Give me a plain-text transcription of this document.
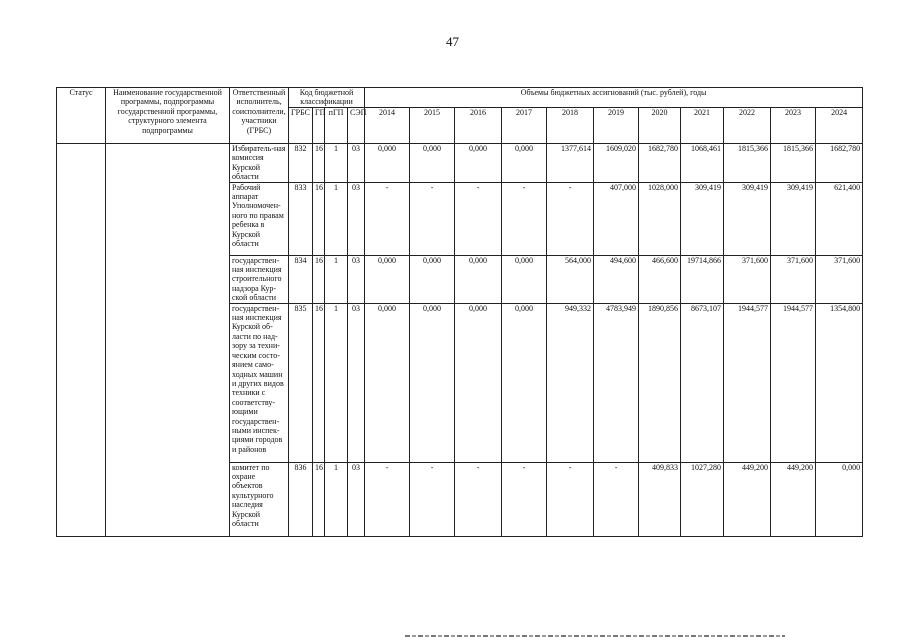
47
Статус	Наименование государственной программы, подпрограммы государственной программы, структурного элемента подпрограммы	Ответственный исполнитель, соисполнители, участники (ГРБС)	Код бюджетной классификации				Объемы бюджетных ассигнований (тыс. рублей), годы										
			ГРБС	ГП	пГП	СЭП	2014	2015	2016	2017	2018	2019	2020	2021	2022	2023	2024
		Избиратель-ная комиссия Курской области	832	16	1	03	0,000	0,000	0,000	0,000	1377,614	1609,020	1682,780	1068,461	1815,366	1815,366	1682,780
		Рабочий аппарат Уполномочен-ного по правам ребенка в Курской области	833	16	1	03	-	-	-	-	-	407,000	1028,000	309,419	309,419	309,419	621,400
		государствен-ная инспекция строительного надзора Кур-ской области	834	16	1	03	0,000	0,000	0,000	0,000	564,000	494,600	466,600	19714,866	371,600	371,600	371,600
		государствен-ная инспекция Курской об-ласти по над-зору за техни-ческим состо-янием само-ходных машин и других видов техники с соответству-ющими государствен-ными инспек-циями городов и районов	835	16	1	03	0,000	0,000	0,000	0,000	949,332	4783,949	1890,856	8673,107	1944,577	1944,577	1354,800
		комитет по охране объектов культурного наследия Курской области	836	16	1	03	-	-	-	-	-	-	409,833	1027,280	449,200	449,200	0,000
